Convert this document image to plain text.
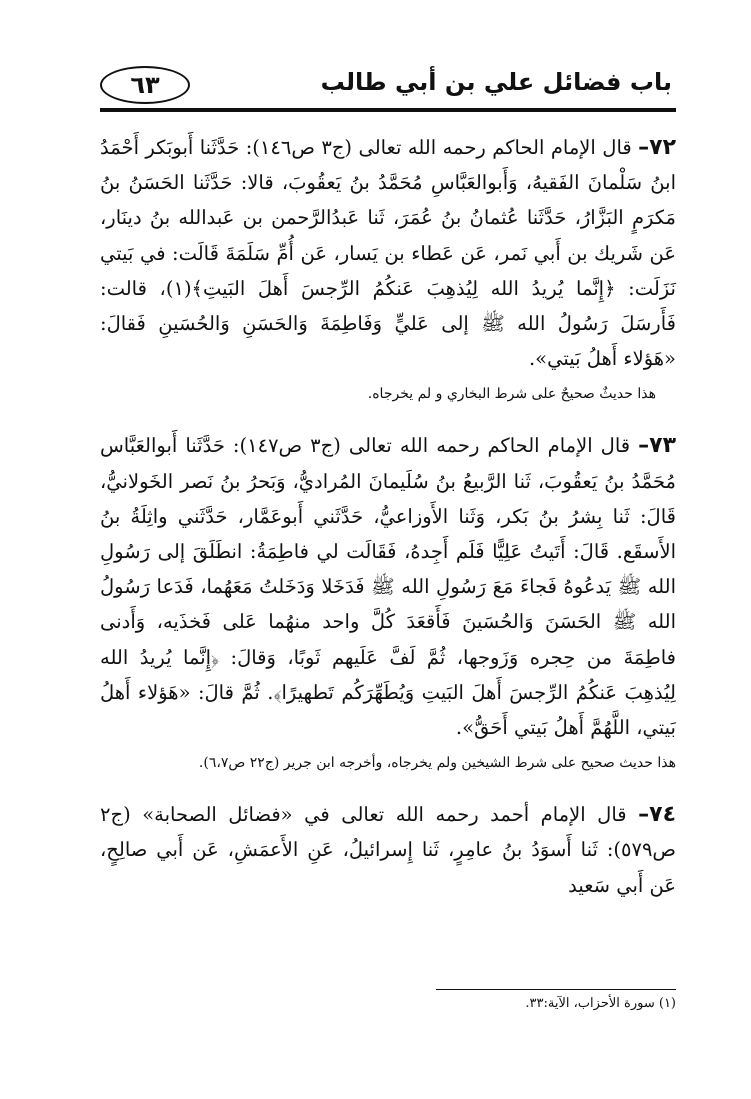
باب فضائل علي بن أبي طالب
٦٣

٧٢– قال الإمام الحاكم رحمه الله تعالى (ج٣ ص١٤٦): حَدَّثَنا أَبوبَكر أَحْمَدُ ابنُ سَلْمانَ الفَقيهُ، وَأَبوالعَبَّاسِ مُحَمَّدُ بنُ يَعقُوبَ، قالا: حَدَّثَنا الحَسَنُ بنُ مَكرَمٍ البَزَّارُ، حَدَّثَنا عُثمانُ بنُ عُمَرَ، ثَنا عَبدُالرَّحمن بن عَبدالله بنُ دينَار، عَن شَريك بن أَبي نَمر، عَن عَطاء بن يَسار، عَن أُمِّ سَلَمَةَ قَالَت: في بَيتي نَزَلَت: ﴿إِنَّما يُريدُ الله لِيُذهِبَ عَنكُمُ الرِّجسَ أَهلَ البَيتِ﴾(١)، قالت: فَأَرسَلَ رَسُولُ الله ﷺ إلى عَليٍّ وَفَاطِمَةَ وَالحَسَنِ وَالحُسَينِ فَقالَ: «هَؤلاء أَهلُ بَيتي».

هذا حديثٌ صحيحٌ على شرط البخاري و لم يخرجاه.

٧٣– قال الإمام الحاكم رحمه الله تعالى (ج٣ ص١٤٧): حَدَّثَنا أَبوالعَبَّاس مُحَمَّدُ بنُ يَعقُوبَ، ثَنا الرَّبيعُ بنُ سُلَيمانَ المُراديُّ، وَبَحرُ بنُ نَصر الخَولانيُّ، قَالَ: ثَنا بِشرُ بنُ بَكر، وَثَنا الأَوزاعيُّ، حَدَّثَني أَبوعَمَّار، حَدَّثَني واثِلَةُ بنُ الأَسقَع. قَالَ: أَتَيتُ عَلِيًّا فَلَم أَجِدهُ، فَقَالَت لي فاطِمَةُ: انطَلَقَ إلى رَسُولِ الله ﷺ يَدعُوهُ فَجاءَ مَعَ رَسُولِ الله ﷺ فَدَخَلا وَدَخَلتُ مَعَهُما، فَدَعا رَسُولُ الله ﷺ الحَسَنَ وَالحُسَينَ فَأَقعَدَ كُلَّ واحد منهُما عَلى فَخذَيه، وَأَدنى فاطِمَةَ من حِجره وَزَوجها، ثُمَّ لَفَّ عَلَيهم ثَوبًا، وَقالَ: ﴿إِنَّما يُريدُ الله لِيُذهِبَ عَنكُمُ الرِّجسَ أَهلَ البَيتِ وَيُطَهِّرَكُم تَطهيرًا﴾. ثُمَّ قالَ: «هَؤلاء أَهلُ بَيتي، اللَّهُمَّ أَهلُ بَيتي أَحَقُّ».

هذا حديث صحيح على شرط الشيخين ولم يخرجاه، وأخرجه ابن جرير (ج٢٢ ص٦،٧).

٧٤– قال الإمام أحمد رحمه الله تعالى في «فضائل الصحابة» (ج٢ ص٥٧٩): ثَنا أَسوَدُ بنُ عامِرٍ، ثَنا إِسرائيلُ، عَنِ الأَعمَشِ، عَن أَبي صالِحٍ، عَن أَبي سَعيد

(١) سورة الأحزاب، الآية:٣٣.
